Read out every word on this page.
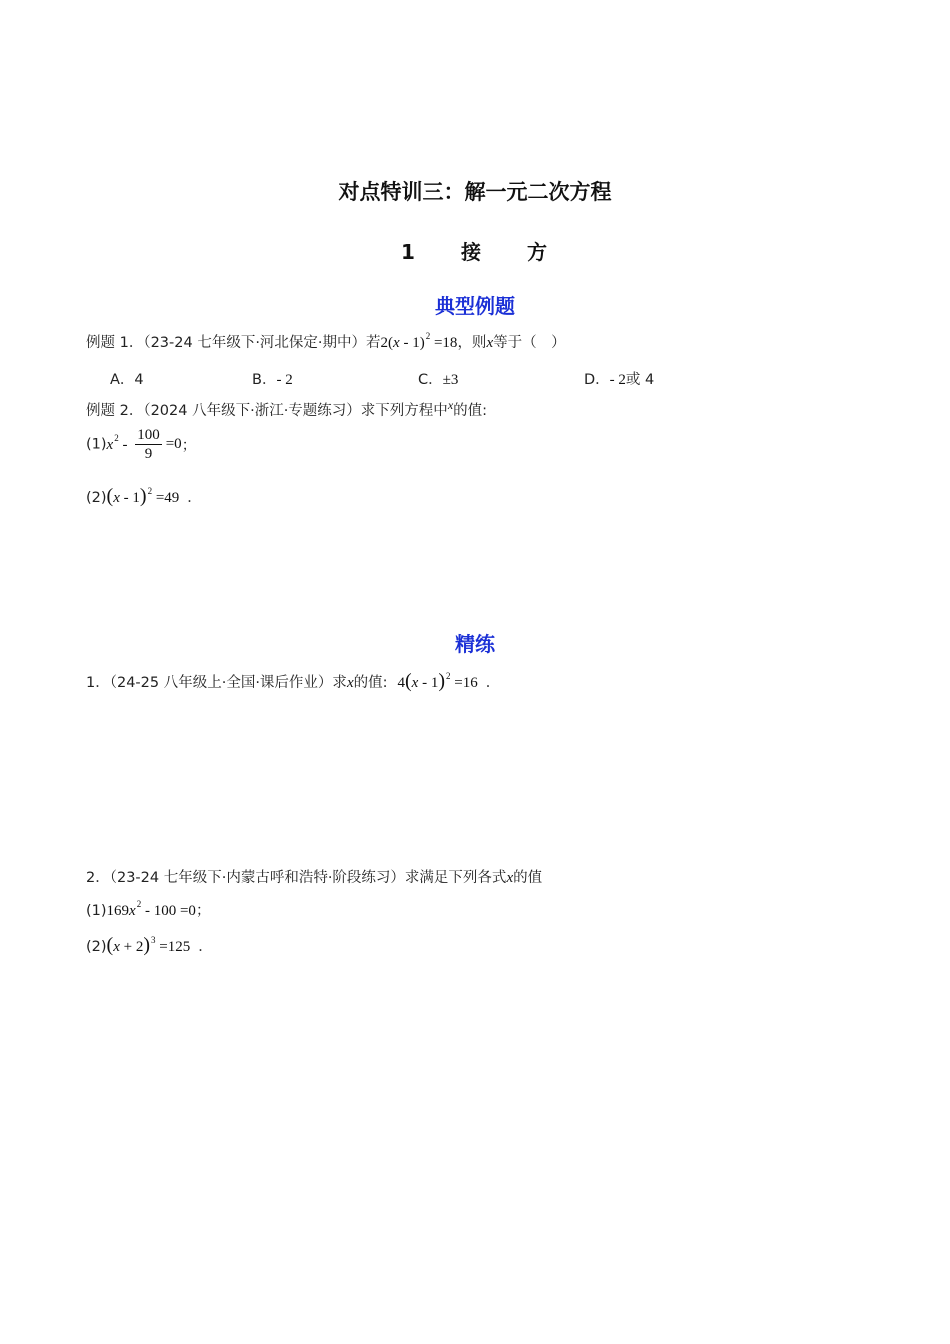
对点特训三：解一元二次方程
1　　接　　方
典型例题
例题 1．（23-24 七年级下·河北保定·期中）若2(x - 1)$^2$ =18，则x等于（　）
A．4	B．- 2	C．±3	D．- 2或 4
例题 2．（2024 八年级下·浙江·专题练习）求下列方程中$^x$的值:
$(1)x^2 - \frac{100}{9} =0$；
(2)(x - 1)$^2$ =49 ．
精练
1．（24-25 八年级上·全国·课后作业）求x的值: 4(x - 1)$^2$ =16 ．
2．（23-24 七年级下·内蒙古呼和浩特·阶段练习）求满足下列各式x的值
$(1)169x^2 - 100 =0$；
$(2)(x + 2)^3 =125$ ．
